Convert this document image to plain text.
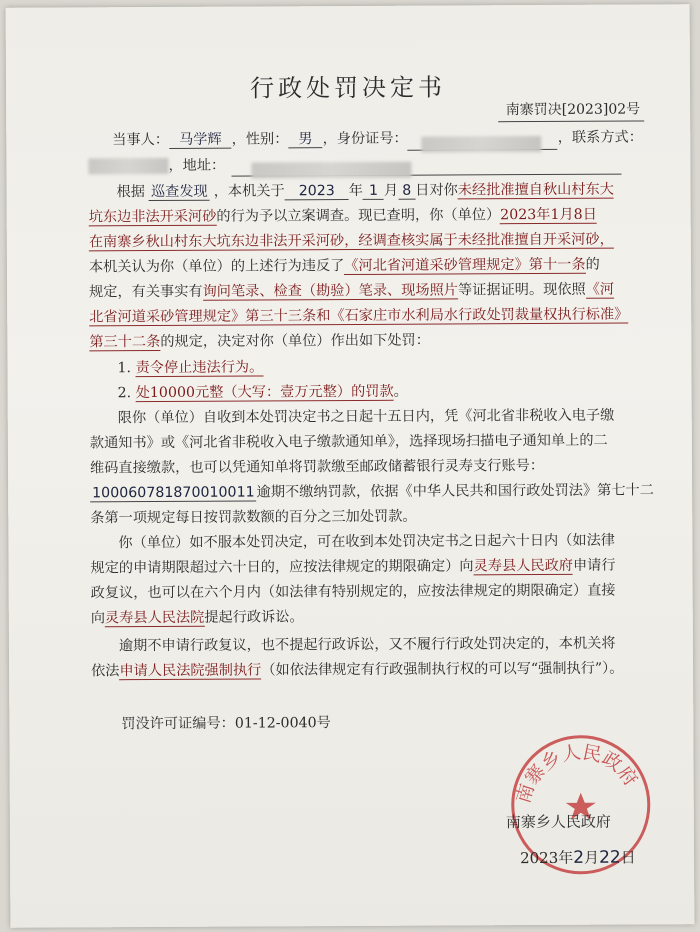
行政处罚决定书
南寨罚决[2023]02号
当事人： 马学辉 ，性别： 男 ，身份证号：	，联系方式：
，地址：
根据 巡查发现 ，本机关于 2023 年 1 月 8 日对你未经批准擅自秋山村东大
坑东边非法开采河砂的行为予以立案调查。现已查明，你（单位）2023年1月8日
在南寨乡秋山村东大坑东边非法开采河砂，经调查核实属于未经批准擅自开采河砂，
本机关认为你（单位）的上述行为违反了《河北省河道采砂管理规定》第十一条的
规定，有关事实有询问笔录、检查（勘验）笔录、现场照片等证据证明。现依照《河
北省河道采砂管理规定》第三十三条和《石家庄市水利局水行政处罚裁量权执行标准》
第三十二条的规定，决定对你（单位）作出如下处罚：
1. 责令停止违法行为。
2. 处10000元整（大写：壹万元整）的罚款。
限你（单位）自收到本处罚决定书之日起十五日内，凭《河北省非税收入电子缴
款通知书》或《河北省非税收入电子缴款通知单》，选择现场扫描电子通知单上的二
维码直接缴款，也可以凭通知单将罚款缴至邮政储蓄银行灵寿支行账号：
100060781870010011 逾期不缴纳罚款，依据《中华人民共和国行政处罚法》第七十二
条第一项规定每日按罚款数额的百分之三加处罚款。
你（单位）如不服本处罚决定，可在收到本处罚决定书之日起六十日内（如法律
规定的申请期限超过六十日的，应按法律规定的期限确定）向灵寿县人民政府申请行
政复议，也可以在六个月内（如法律有特别规定的，应按法律规定的期限确定）直接
向灵寿县人民法院提起行政诉讼。
逾期不申请行政复议，也不提起行政诉讼，又不履行行政处罚决定的，本机关将
依法申请人民法院强制执行（如依法律规定有行政强制执行权的可以写“强制执行”）。
罚没许可证编号：01-12-0040号
南寨乡人民政府
南寨乡人民政府
2023年2月22日
